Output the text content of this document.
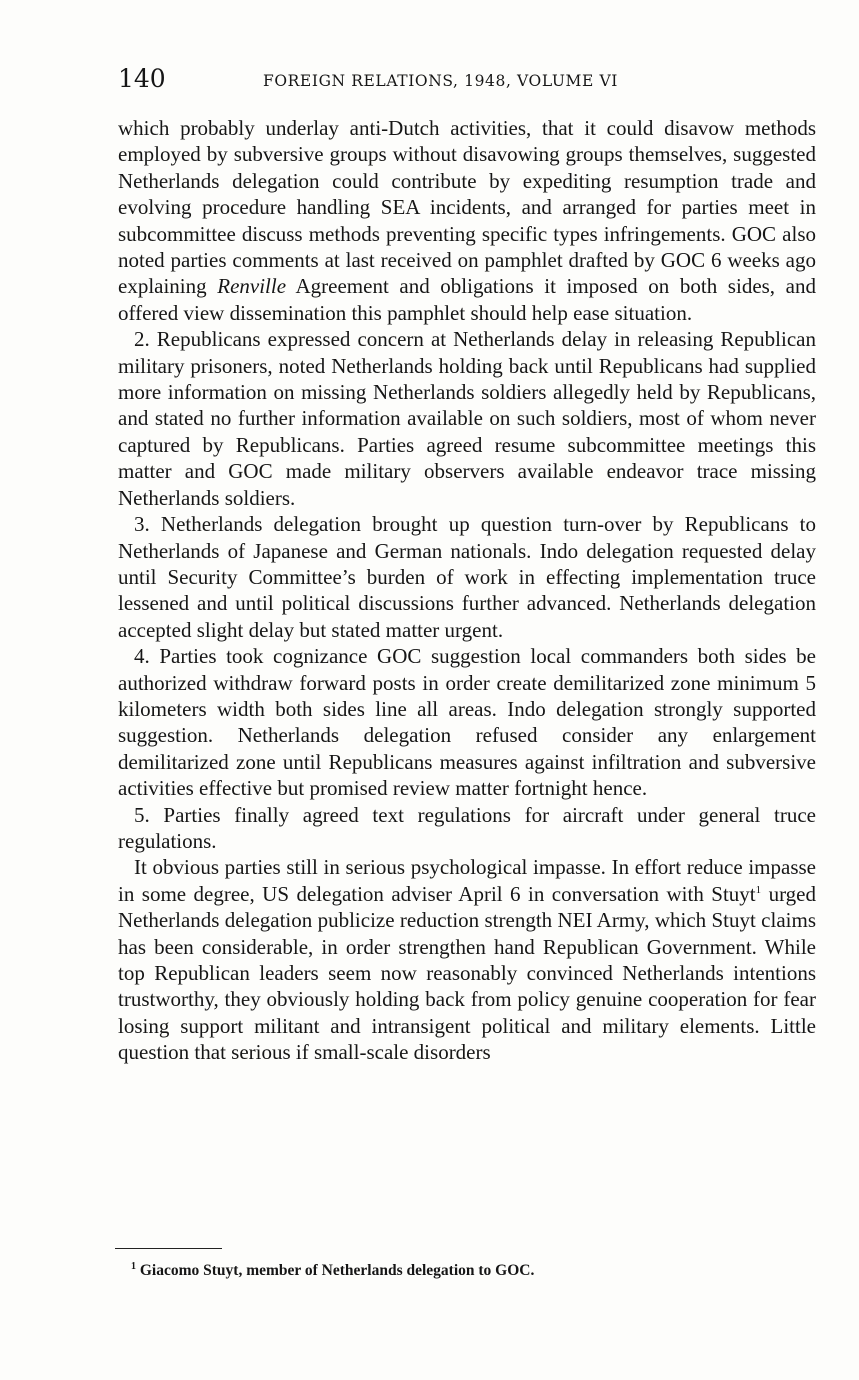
140	FOREIGN RELATIONS, 1948, VOLUME VI

which probably underlay anti-Dutch activities, that it could disavow methods employed by subversive groups without disavowing groups themselves, suggested Netherlands delegation could contribute by expediting resumption trade and evolving procedure handling SEA incidents, and arranged for parties meet in subcommittee discuss methods preventing specific types infringements. GOC also noted parties comments at last received on pamphlet drafted by GOC 6 weeks ago explaining Renville Agreement and obligations it imposed on both sides, and offered view dissemination this pamphlet should help ease situation.

2. Republicans expressed concern at Netherlands delay in releasing Republican military prisoners, noted Netherlands holding back until Republicans had supplied more information on missing Netherlands soldiers allegedly held by Republicans, and stated no further information available on such soldiers, most of whom never captured by Republicans. Parties agreed resume subcommittee meetings this matter and GOC made military observers available endeavor trace missing Netherlands soldiers.

3. Netherlands delegation brought up question turn-over by Republicans to Netherlands of Japanese and German nationals. Indo delegation requested delay until Security Committee’s burden of work in effecting implementation truce lessened and until political discussions further advanced. Netherlands delegation accepted slight delay but stated matter urgent.

4. Parties took cognizance GOC suggestion local commanders both sides be authorized withdraw forward posts in order create demilitarized zone minimum 5 kilometers width both sides line all areas. Indo delegation strongly supported suggestion. Netherlands delegation refused consider any enlargement demilitarized zone until Republicans measures against infiltration and subversive activities effective but promised review matter fortnight hence.

5. Parties finally agreed text regulations for aircraft under general truce regulations.

It obvious parties still in serious psychological impasse. In effort reduce impasse in some degree, US delegation adviser April 6 in conversation with Stuyt$^1$ urged Netherlands delegation publicize reduction strength NEI Army, which Stuyt claims has been considerable, in order strengthen hand Republican Government. While top Republican leaders seem now reasonably convinced Netherlands intentions trustworthy, they obviously holding back from policy genuine cooperation for fear losing support militant and intransigent political and military elements. Little question that serious if small-scale disorders

$^1$ Giacomo Stuyt, member of Netherlands delegation to GOC.
